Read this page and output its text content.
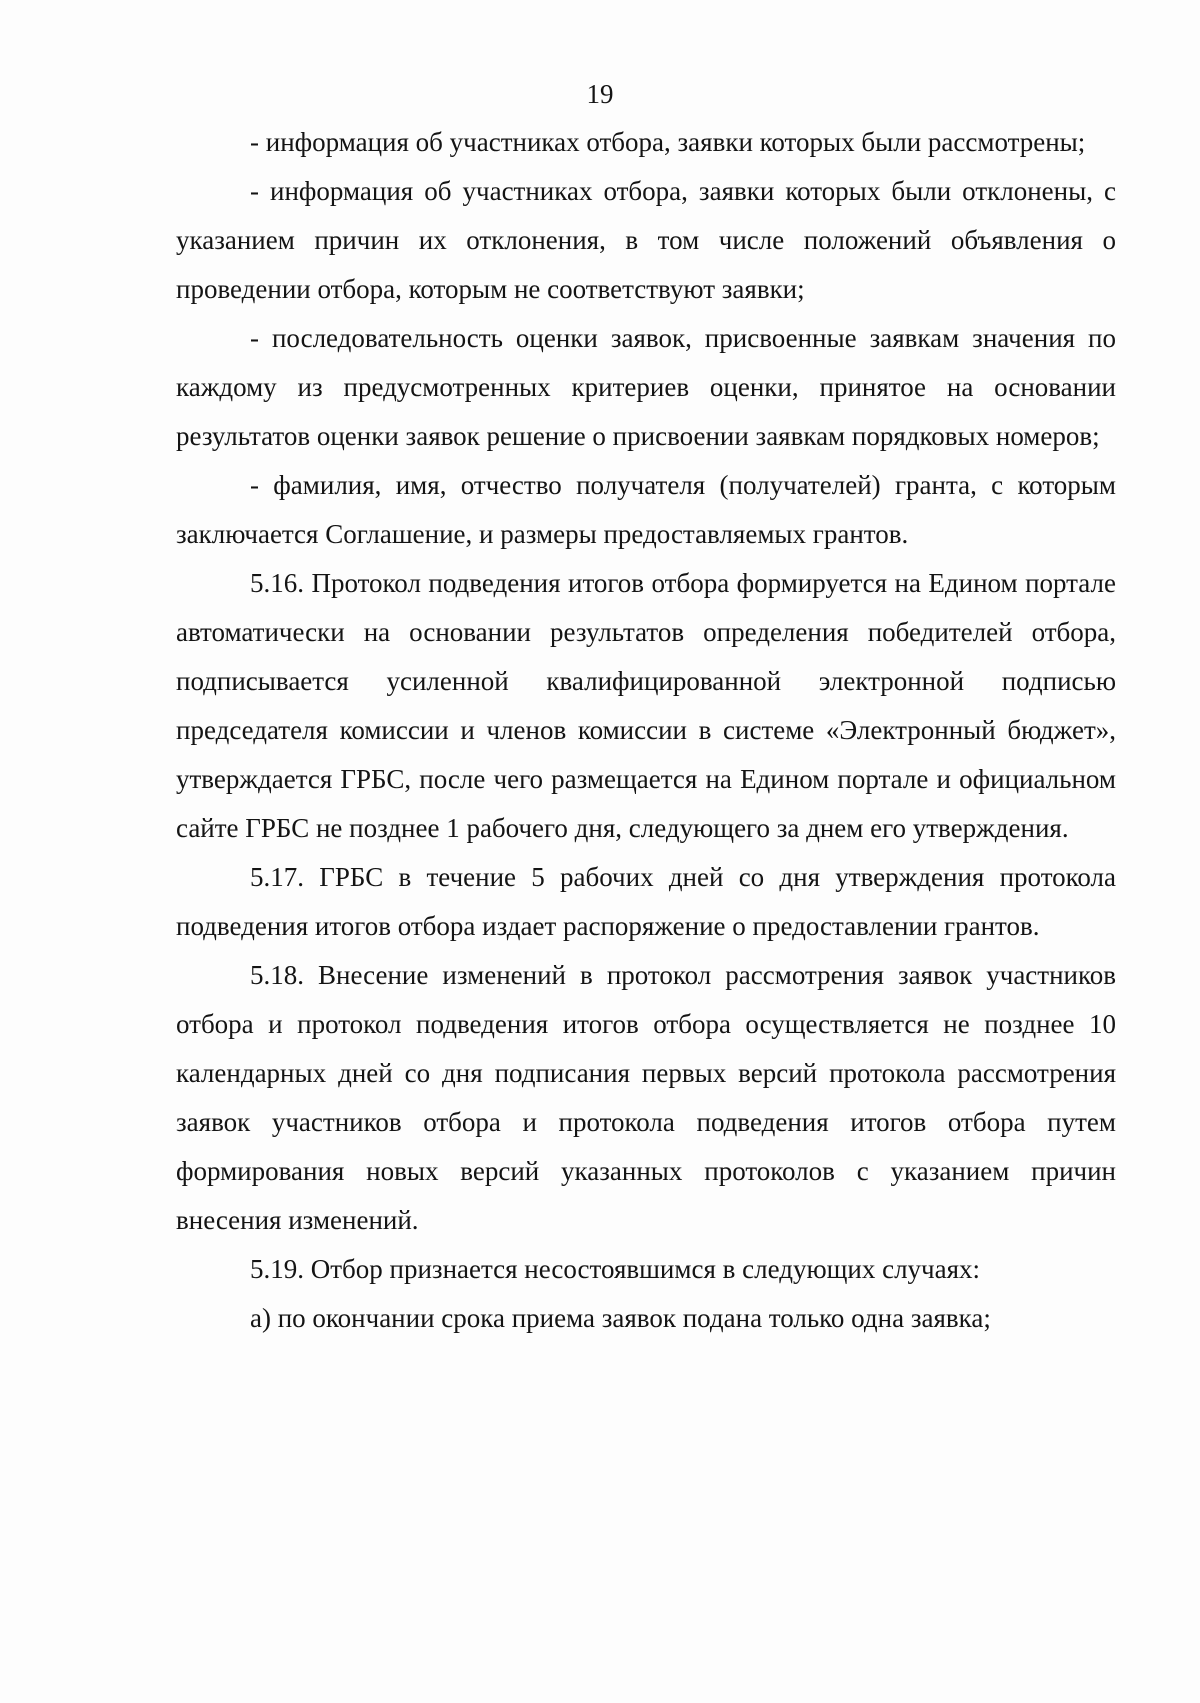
19

- информация об участниках отбора, заявки которых были рассмотрены;

- информация об участниках отбора, заявки которых были отклонены, с указанием причин их отклонения, в том числе положений объявления о проведении отбора, которым не соответствуют заявки;

- последовательность оценки заявок, присвоенные заявкам значения по каждому из предусмотренных критериев оценки, принятое на основании результатов оценки заявок решение о присвоении заявкам порядковых номеров;

- фамилия, имя, отчество получателя (получателей) гранта, с которым заключается Соглашение, и размеры предоставляемых грантов.

5.16. Протокол подведения итогов отбора формируется на Едином портале автоматически на основании результатов определения победителей отбора, подписывается усиленной квалифицированной электронной подписью председателя комиссии и членов комиссии в системе «Электронный бюджет», утверждается ГРБС, после чего размещается на Едином портале и официальном сайте ГРБС не позднее 1 рабочего дня, следующего за днем его утверждения.

5.17. ГРБС в течение 5 рабочих дней со дня утверждения протокола подведения итогов отбора издает распоряжение о предоставлении грантов.

5.18. Внесение изменений в протокол рассмотрения заявок участников отбора и протокол подведения итогов отбора осуществляется не позднее 10 календарных дней со дня подписания первых версий протокола рассмотрения заявок участников отбора и протокола подведения итогов отбора путем формирования новых версий указанных протоколов с указанием причин внесения изменений.

5.19. Отбор признается несостоявшимся в следующих случаях:

а) по окончании срока приема заявок подана только одна заявка;
